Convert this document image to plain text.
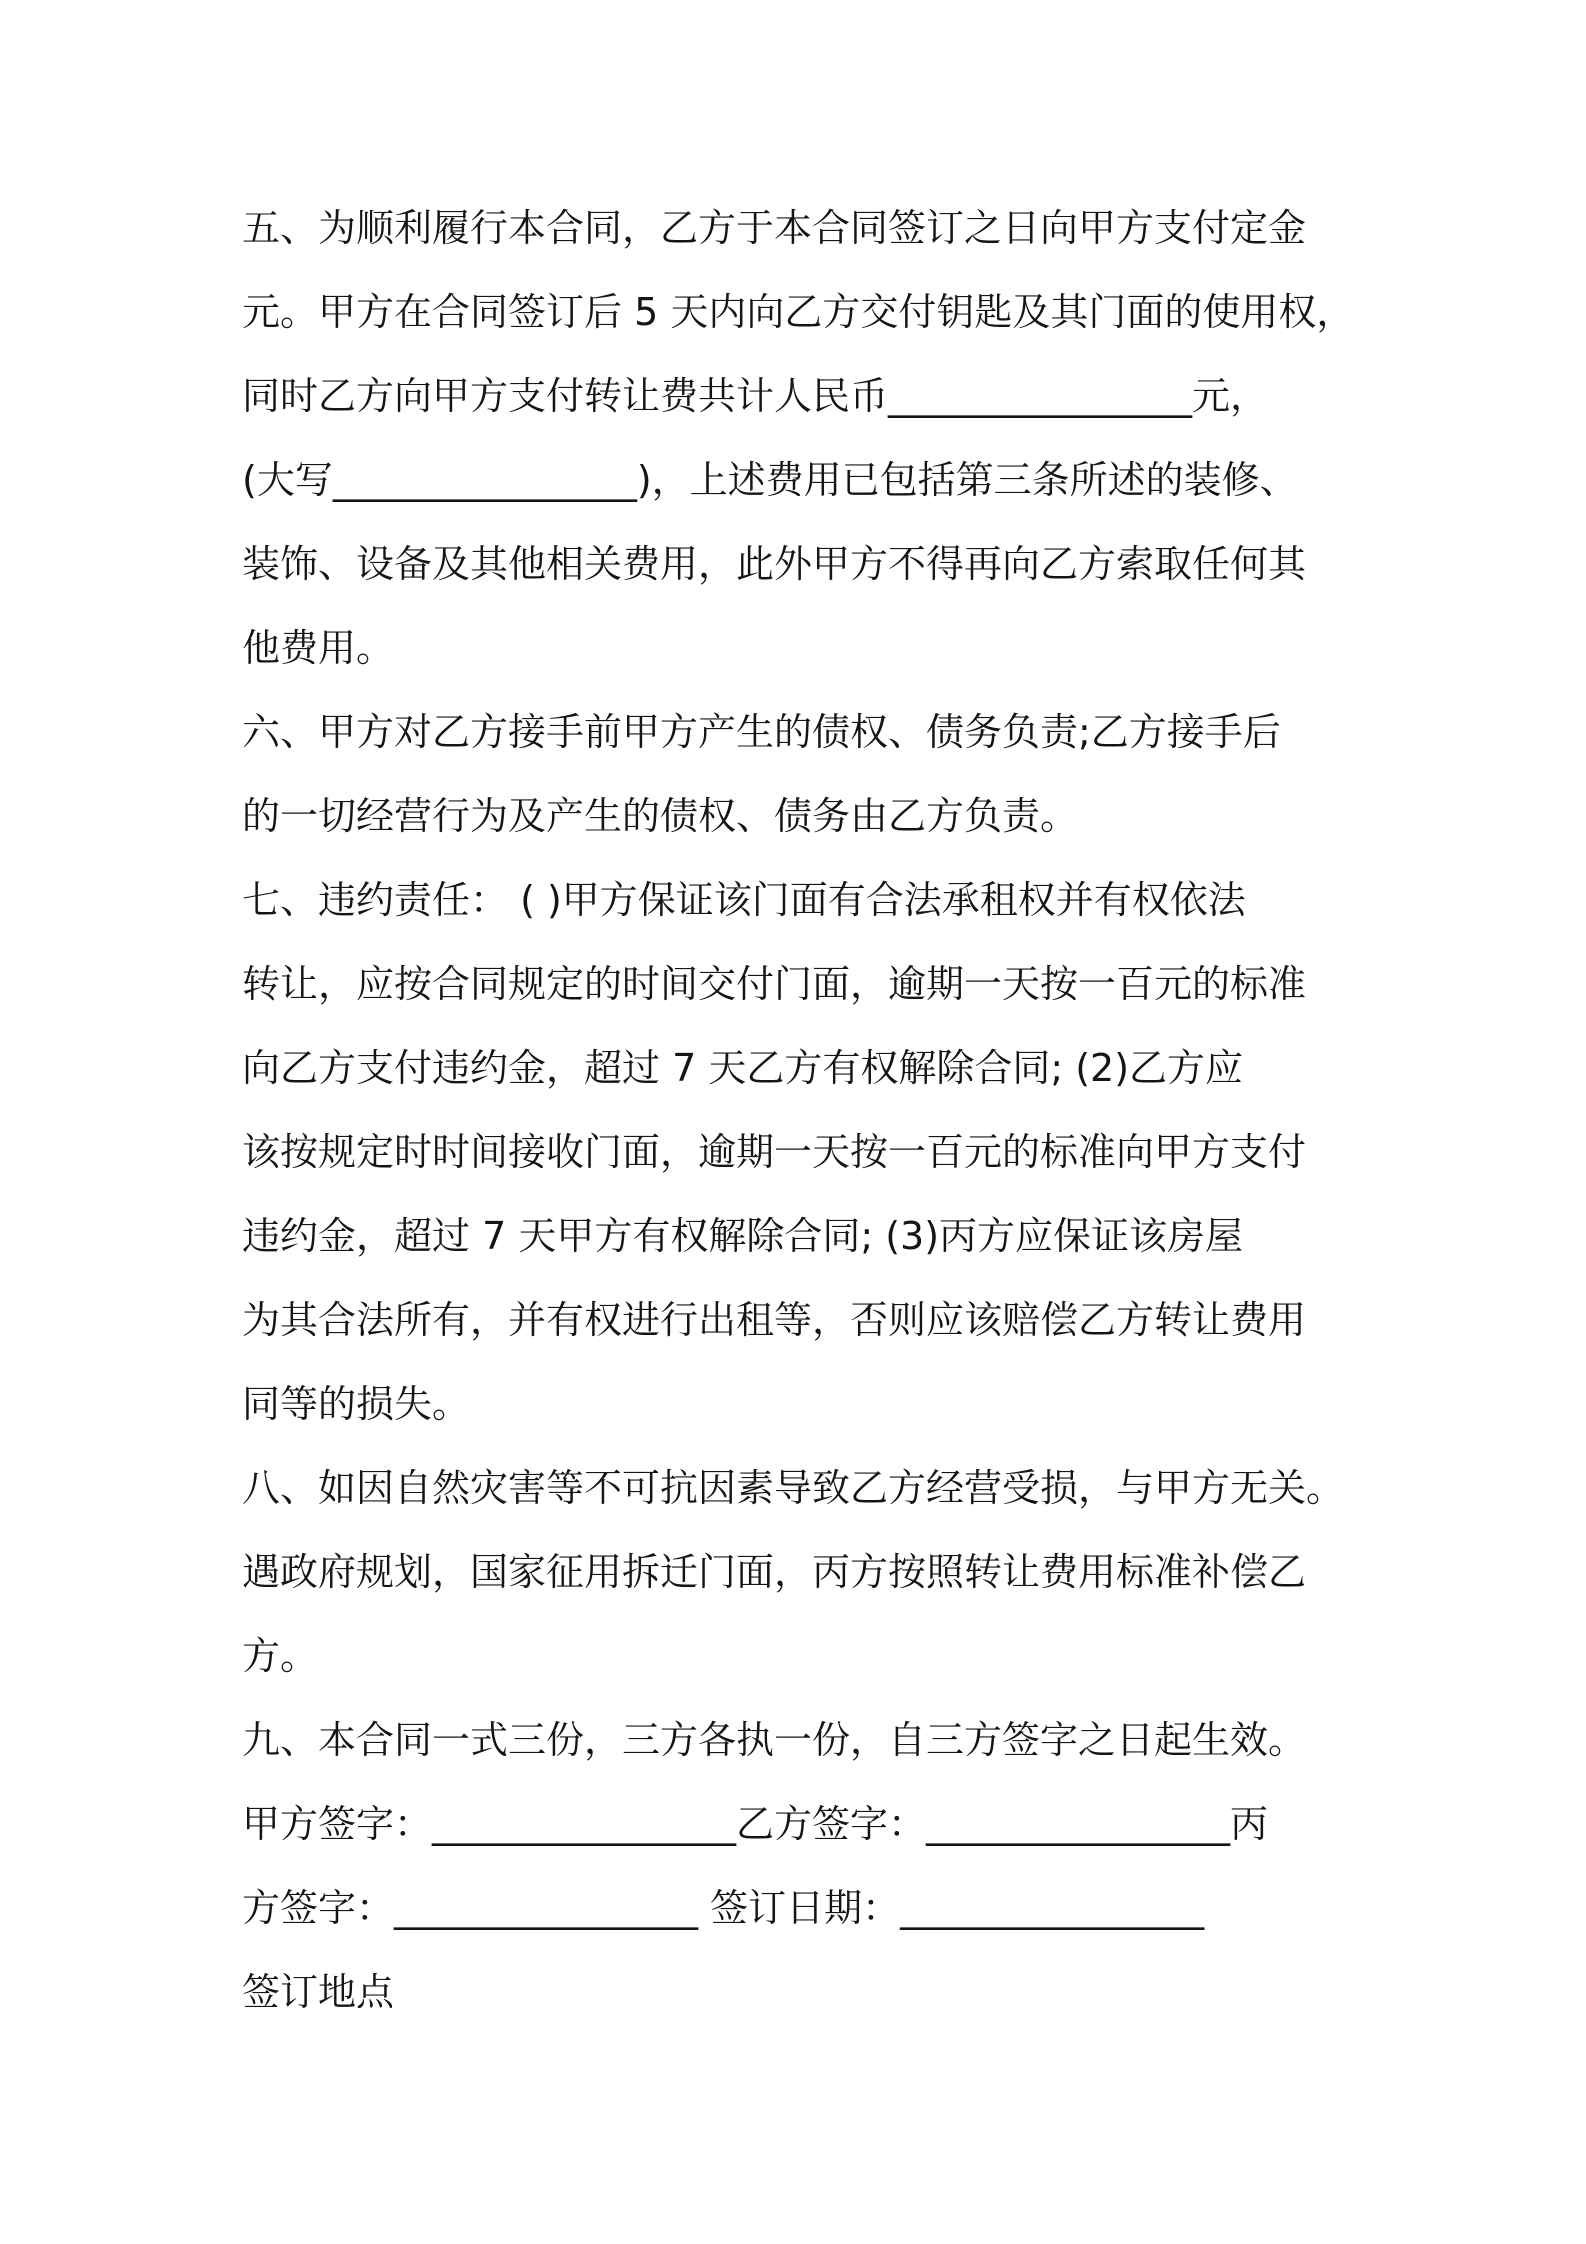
五、为顺利履行本合同，乙方于本合同签订之日向甲方支付定金

元。甲方在合同签订后 5 天内向乙方交付钥匙及其门面的使用权，

同时乙方向甲方支付转让费共计人民币________________元，

(大写________________)，上述费用已包括第三条所述的装修、

装饰、设备及其他相关费用，此外甲方不得再向乙方索取任何其

他费用。

六、甲方对乙方接手前甲方产生的债权、债务负责;乙方接手后

的一切经营行为及产生的债权、债务由乙方负责。

七、违约责任： ( )甲方保证该门面有合法承租权并有权依法

转让，应按合同规定的时间交付门面，逾期一天按一百元的标准

向乙方支付违约金，超过 7 天乙方有权解除合同; (2)乙方应

该按规定时时间接收门面，逾期一天按一百元的标准向甲方支付

违约金，超过 7 天甲方有权解除合同; (3)丙方应保证该房屋

为其合法所有，并有权进行出租等，否则应该赔偿乙方转让费用

同等的损失。

八、如因自然灾害等不可抗因素导致乙方经营受损，与甲方无关。

遇政府规划，国家征用拆迁门面，丙方按照转让费用标准补偿乙

方。

九、本合同一式三份，三方各执一份，自三方签字之日起生效。

甲方签字：________________乙方签字：________________丙

方签字：________________ 签订日期：________________

签订地点
